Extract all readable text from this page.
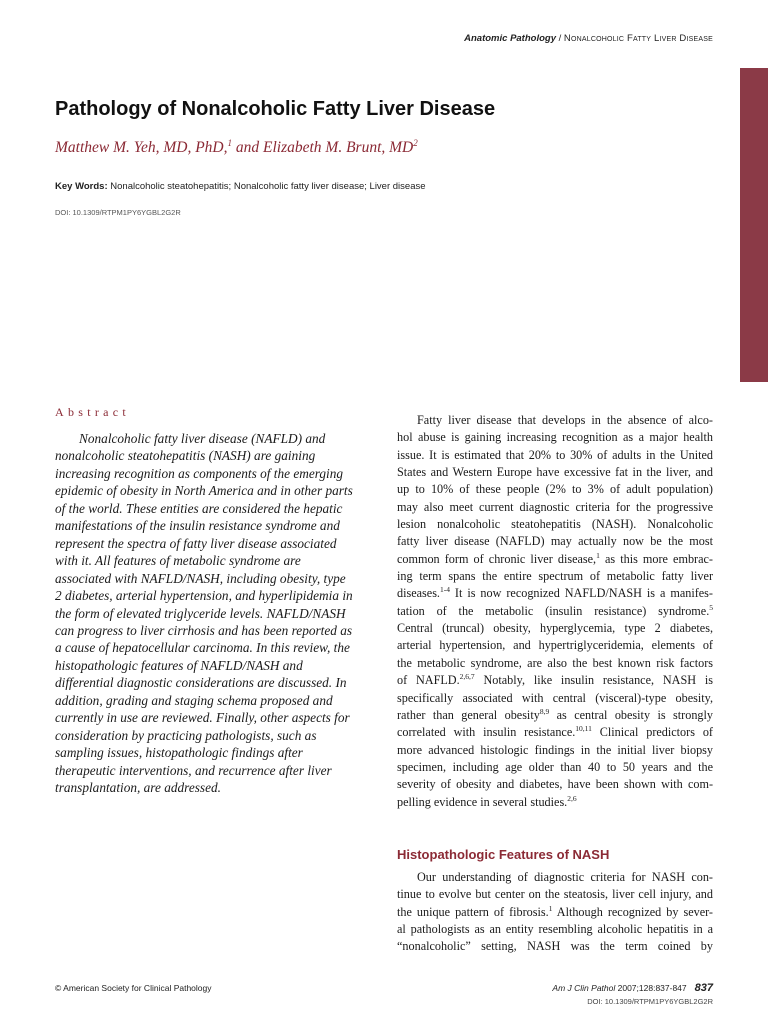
Anatomic Pathology / Nonalcoholic Fatty Liver Disease
Pathology of Nonalcoholic Fatty Liver Disease
Matthew M. Yeh, MD, PhD,$^1$ and Elizabeth M. Brunt, $MD^2$
Key Words: Nonalcoholic steatohepatitis; Nonalcoholic fatty liver disease; Liver disease
DOI: 10.1309/RTPM1PY6YGBL2G2R
Abstract
Nonalcoholic fatty liver disease (NAFLD) and
nonalcoholic steatohepatitis (NASH) are gaining
increasing recognition as components of the emerging
epidemic of obesity in North America and in other parts
of the world. These entities are considered the hepatic
manifestations of the insulin resistance syndrome and
represent the spectra of fatty liver disease associated
with it. All features of metabolic syndrome are
associated with NAFLD/NASH, including obesity, type
2 diabetes, arterial hypertension, and hyperlipidemia in
the form of elevated triglyceride levels. NAFLD/NASH
can progress to liver cirrhosis and has been reported as
a cause of hepatocellular carcinoma. In this review, the
histopathologic features of NAFLD/NASH and
differential diagnostic considerations are discussed. In
addition, grading and staging schema proposed and
currently in use are reviewed. Finally, other aspects for
consideration by practicing pathologists, such as
sampling issues, histopathologic findings after
therapeutic interventions, and recurrence after liver
transplantation, are addressed.
Fatty liver disease that develops in the absence of alco-
hol abuse is gaining increasing recognition as a major health
issue. It is estimated that 20% to 30% of adults in the United
States and Western Europe have excessive fat in the liver, and
up to 10% of these people (2% to 3% of adult population)
may also meet current diagnostic criteria for the progressive
lesion nonalcoholic steatohepatitis (NASH). Nonalcoholic
fatty liver disease (NAFLD) may actually now be the most
common form of chronic liver disease,$^1$ as this more embrac-
ing term spans the entire spectrum of metabolic fatty liver
diseases.$^{1-4}$ It is now recognized NAFLD/NASH is a manifes-
tation of the metabolic (insulin resistance) syndrome.$^5$
Central (truncal) obesity, hyperglycemia, type 2 diabetes,
arterial hypertension, and hypertriglyceridemia, elements of
the metabolic syndrome, are also the best known risk factors
of NAFLD.$^{2,6,7}$ Notably, like insulin resistance, NASH is
specifically associated with central (visceral)-type obesity,
rather than general obesity$^{8,9}$ as central obesity is strongly
correlated with insulin resistance.$^{10,11}$ Clinical predictors of
more advanced histologic findings in the initial liver biopsy
specimen, including age older than 40 to 50 years and the
severity of obesity and diabetes, have been shown with com-
pelling evidence in several studies.$^{2,6}$
Histopathologic Features of NASH
Our understanding of diagnostic criteria for NASH con-
tinue to evolve but center on the steatosis, liver cell injury, and
the unique pattern of fibrosis.$^1$ Although recognized by sever-
al pathologists as an entity resembling alcoholic hepatitis in a
“nonalcoholic” setting, NASH was the term coined by
© American Society for Clinical Pathology	Am J Clin Pathol 2007;128:837-847 837
DOI: 10.1309/RTPM1PY6YGBL2G2R
